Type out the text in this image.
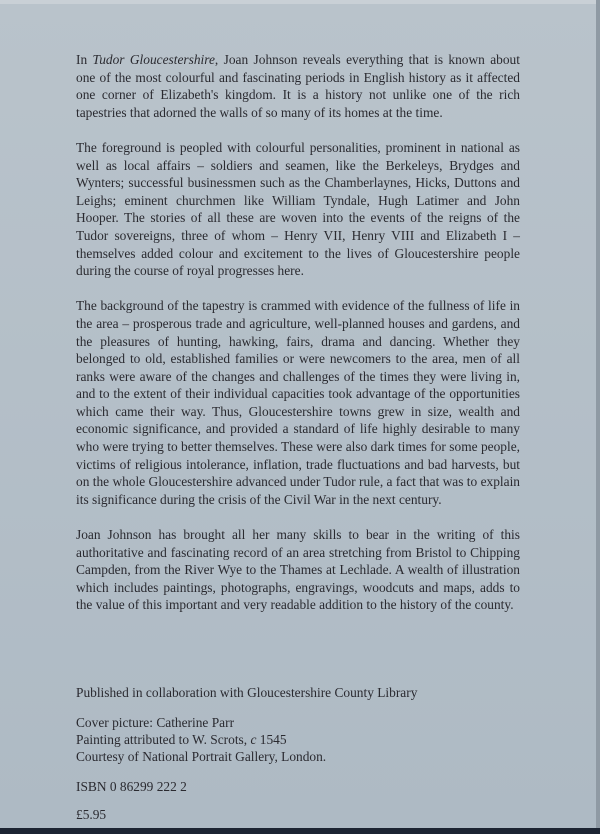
In Tudor Gloucestershire, Joan Johnson reveals everything that is known about one of the most colourful and fascinating periods in English history as it affected one corner of Elizabeth's kingdom. It is a history not unlike one of the rich tapestries that adorned the walls of so many of its homes at the time.

The foreground is peopled with colourful personalities, prominent in national as well as local affairs – soldiers and seamen, like the Berkeleys, Brydges and Wynters; successful businessmen such as the Chamberlaynes, Hicks, Duttons and Leighs; eminent churchmen like William Tyndale, Hugh Latimer and John Hooper. The stories of all these are woven into the events of the reigns of the Tudor sovereigns, three of whom – Henry VII, Henry VIII and Elizabeth I – themselves added colour and excitement to the lives of Gloucestershire people during the course of royal progresses here.

The background of the tapestry is crammed with evidence of the fullness of life in the area – prosperous trade and agriculture, well-planned houses and gardens, and the pleasures of hunting, hawking, fairs, drama and dancing. Whether they belonged to old, established families or were newcomers to the area, men of all ranks were aware of the changes and challenges of the times they were living in, and to the extent of their individual capacities took advantage of the opportunities which came their way. Thus, Gloucestershire towns grew in size, wealth and economic significance, and provided a standard of life highly desirable to many who were trying to better themselves. These were also dark times for some people, victims of religious intolerance, inflation, trade fluctuations and bad harvests, but on the whole Gloucestershire advanced under Tudor rule, a fact that was to explain its significance during the crisis of the Civil War in the next century.

Joan Johnson has brought all her many skills to bear in the writing of this authoritative and fascinating record of an area stretching from Bristol to Chipping Campden, from the River Wye to the Thames at Lechlade. A wealth of illustration which includes paintings, photographs, engravings, woodcuts and maps, adds to the value of this important and very readable addition to the history of the county.

Published in collaboration with Gloucestershire County Library
Cover picture: Catherine Parr
Painting attributed to W. Scrots, c 1545
Courtesy of National Portrait Gallery, London.
ISBN 0 86299 222 2
£5.95
